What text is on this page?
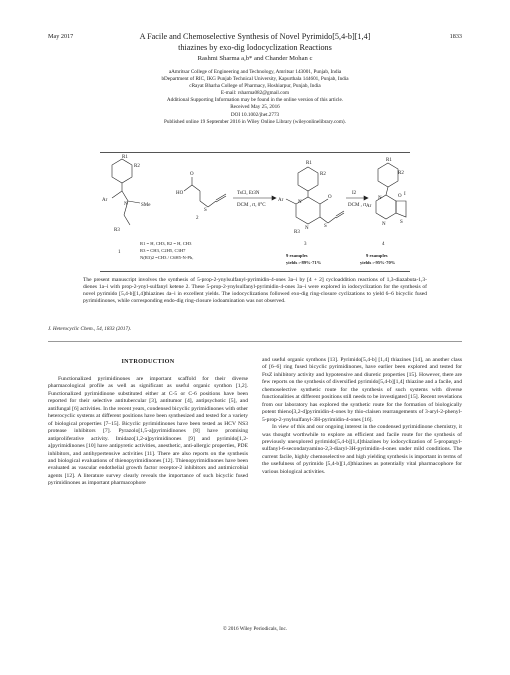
May 2017	1833
A Facile and Chemoselective Synthesis of Novel Pyrimido[5,4-b][1,4]
thiazines by exo-dig Iodocyclization Reactions
Rashmi Sharma a,b* and Chander Mohan c
aAmritsar College of Engineering and Technology, Amritsar 143001, Punjab, India
bDepartment of RIC, IKG Punjab Technical University, Kapurthala 144601, Punjab, India
cRayat Bharha College of Pharmacy, Hoshiarpur, Punjab, India
E-mail: rsharma082@gmail.com
Additional Supporting Information may be found in the online version of this article.
Received May 25, 2016
DOI 10.1002/jhet.2773
Published online 19 September 2016 in Wiley Online Library (wileyonlinelibrary.com).
R1
R2
Ar
N	SMe
R3
HO
O
S
Ar	N
N
O
S
R1
R2
R3
Ar
N
N
O
S
R1
R2
I
1
2
3	4
TsCl, Et3N
DCM , rt, 0°C
I2
DCM , rt
R1 = H, CH3, R2 = H, CH3
R3 = CH3, C2H5, C3H7
N(R3)2 =CH3 / C6H5-N-Ph,	9 examples
yields :-89%-71%
9 examples
yields :-95%-70%
The present manuscript involves the synthesis of 5-prop-2-ynylsulfanyl-pyrimidin-4-ones 3a–i by [4 + 2] cycloaddition reactions of 1,3-diazabuta-1,3-dienes 1a–i with prop-2-ynyl-sulfanyl ketene 2. These 5-prop-2-ynylsulfanyl-pyrimidin-4-ones 3a–i were explored in iodocyclization for the synthesis of novel pyrimido [5,4-b][1,4]thiazines 4a–i in excellent yields. The iodocyclizations followed exo-dig ring-closure cyclizations to yield 6–6 bicyclic fused pyrimidinones, while corresponding endo-dig ring-closure iodoamination was not observed.
J. Heterocyclic Chem., 54, 1833 (2017).
INTRODUCTION

Functionalized pyrimidinones are important scaffold for their diverse pharmacological profile as well as significant as useful organic synthon [1,2]. Functionalized pyrimidinone substituted either at C-5 or C-6 positions have been reported for their selective antitubercular [3], antitumor [4], antipsychotic [5], and antifungal [6] activities. In the recent years, condensed bicyclic pyrimidinones with other heterocyclic systems at different positions have been synthesized and tested for a variety of biological properties [7–15]. Bicyclic pyrimidinones have been tested as HCV NS3 protease inhibitors [7]. Pyrazolo[1,5-a]pyrimidinones [8] have promising antiproliferative activity. Imidazo[1,2-a]pyrimidinones [9] and pyrimido[1,2-a]pyrimidinones [10] have antipyretic activities, anesthetic, anti-allergic properties, PDE inhibitors, and antihypertensive activities [11]. There are also reports on the synthesis and biological evaluations of thienopyrimidinones [12]. Thienopyrimidinones have been evaluated as vascular endothelial growth factor receptor-2 inhibitors and antimicrobial agents [12]. A literature survey clearly reveals the importance of such bicyclic fused pyrimidinones as important pharmacophore

and useful organic synthons [13]. Pyrimido[5,4-b] [1,4] thiazines [14], an another class of [6–6] ring fused bicyclic pyrimidinones, have earlier been explored and tested for FtsZ inhibitory activity and hypotensive and diuretic properties [15]. However, there are few reports on the synthesis of diversified pyrimido[5,4-b][1,4] thiazine and a facile, and chemoselective synthetic route for the synthesis of such systems with diverse functionalities at different positions still needs to be investigated [15]. Recent revelations from our laboratory has explored the synthetic route for the formation of biologically potent thieno[3,2-d]pyrimidin-4-ones by thio-claisen rearrangements of 3-aryl-2-phenyl-5-prop-2-ynylsulfanyl-3H-pyrimidin-4-ones [16].

In view of this and our ongoing interest in the condensed pyrimidinone chemistry, it was thought worthwhile to explore an efficient and facile route for the synthesis of previously unexplored pyrimido[5,4-b][1,4]thiazines by iodocyclization of 5-propargyl-sulfanyl-6-secondaryamino-2,3-diaryl-3H-pyrimidin-4-ones under mild conditions. The current facile, highly chemoselective and high yielding synthesis is important in terms of the usefulness of pyrimido [5,4-b][1,4]thiazines as potentially vital pharmacophore for various biological activities.

© 2016 Wiley Periodicals, Inc.
